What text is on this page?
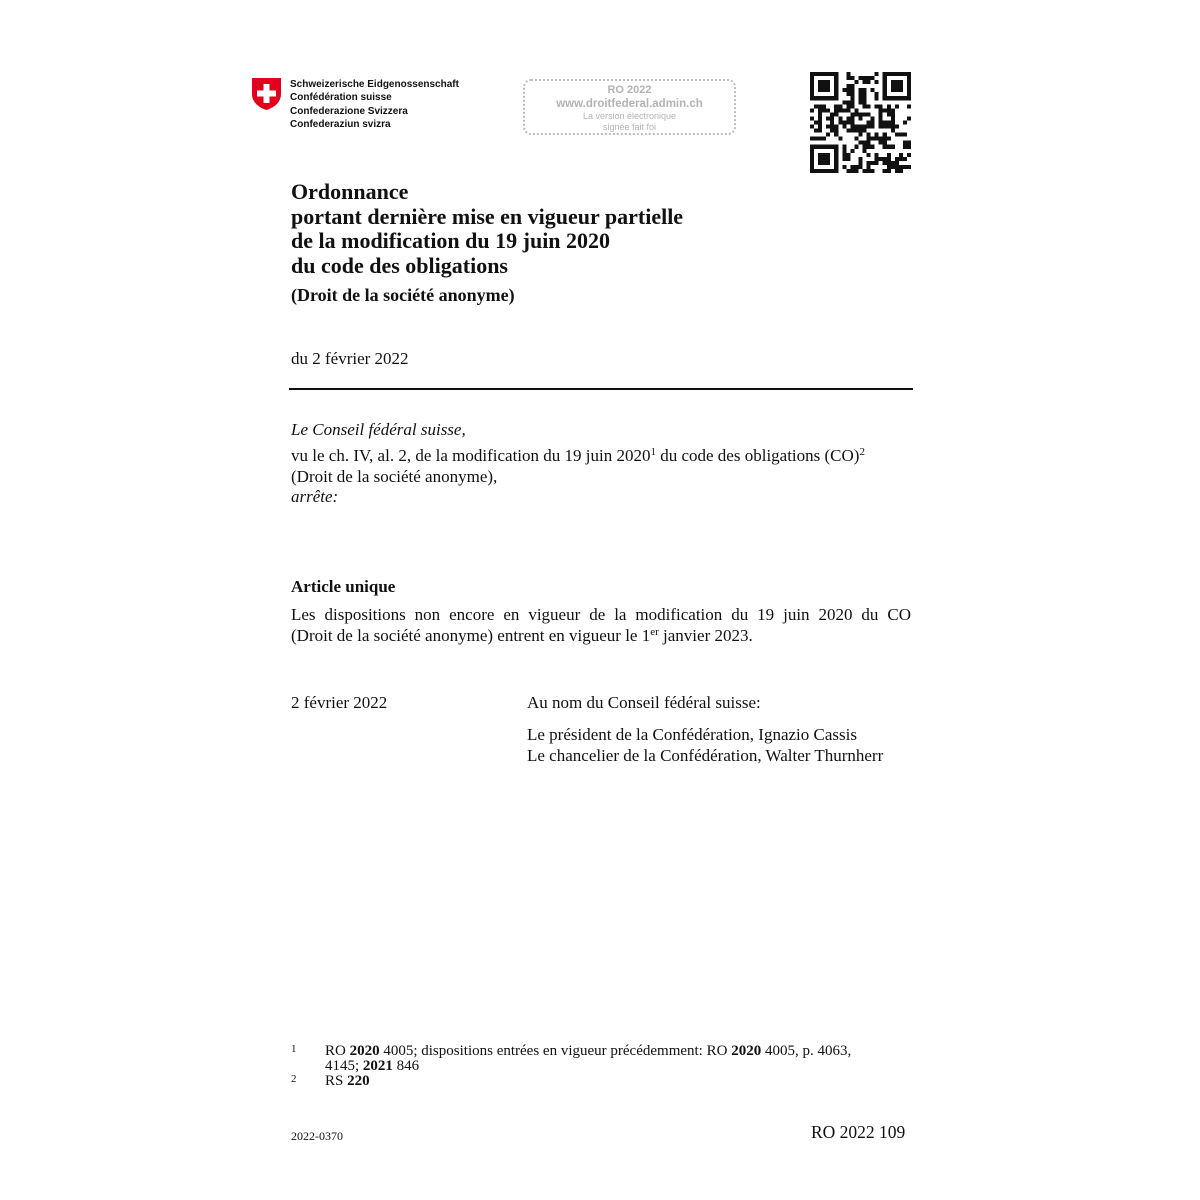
Schweizerische Eidgenossenschaft
Confédération suisse
Confederazione Svizzera
Confederaziun svizra
RO 2022
www.droitfederal.admin.ch
La version électronique
signée fait foi
Ordonnance
portant dernière mise en vigueur partielle
de la modification du 19 juin 2020
du code des obligations
(Droit de la société anonyme)
du 2 février 2022

Le Conseil fédéral suisse,

vu le ch. IV, al. 2, de la modification du 19 juin 2020$^1$ du code des obligations (CO)$^2$

(Droit de la société anonyme),

arrête:

Article unique
Les dispositions non encore en vigueur de la modification du 19 juin 2020 du CO
(Droit de la société anonyme) entrent en vigueur le 1er janvier 2023.
2 février 2022	Au nom du Conseil fédéral suisse:
Le président de la Confédération, Ignazio Cassis
Le chancelier de la Confédération, Walter Thurnherr
1 RO 2020 4005; dispositions entrées en vigueur précédemment: RO 2020 4005, p. 4063,
4145; 2021 846
2 RS 220
2022-0370	RO 2022 109
